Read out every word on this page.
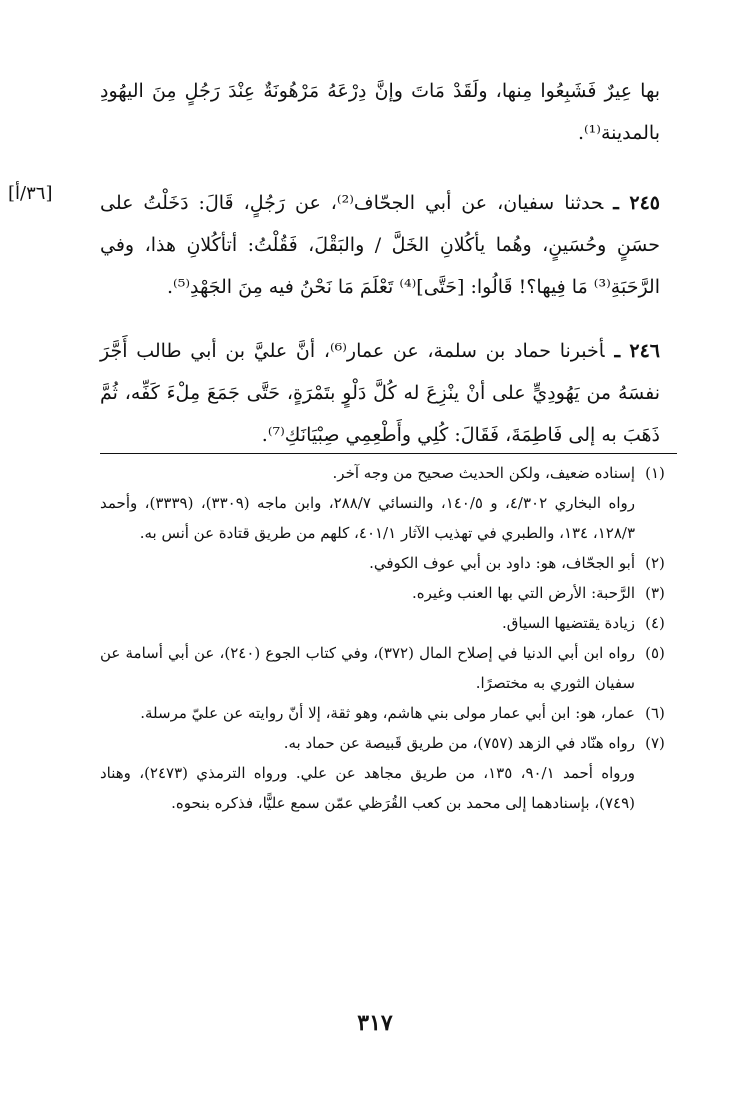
بها عِيرٌ فَشَبِعُوا مِنها، ولَقَدْ مَاتَ وإنَّ دِرْعَهُ مَرْهُونَةٌ عِنْدَ رَجُلٍ مِنَ اليهُودِ بالمدينة⁽¹⁾.

٢٤٥ ـحدثنا سفيان، عن أبي الجحّاف⁽²⁾، عن رَجُلٍ، قَالَ: دَخَلْتُ على حسَنٍ وحُسَينٍ، وهُما يأكُلانِ الخَلَّ / والبَقْلَ، فَقُلْتُ: أتأكُلانِ هذا، وفي الرَّحَبَةِ⁽³⁾ مَا فِيها؟! قَالُوا: [حَتَّى]⁽⁴⁾ تَعْلَمَ مَا نَحْنُ فيه مِنَ الجَهْدِ⁽⁵⁾.

٢٤٦ ـأخبرنا حماد بن سلمة، عن عمار⁽⁶⁾، أنَّ عليَّ بن أبي طالب أَجَّرَ نفسَهُ من يَهُودِيٍّ على أنْ ينْزِعَ له كُلَّ دَلْوٍ بتَمْرَةٍ، حَتَّى جَمَعَ مِلْءَ كَفِّه، ثُمَّ ذَهَبَ به إلى فَاطِمَةَ، فَقَالَ: كُلِي وأَطْعِمِي صِبْيَانَكِ⁽⁷⁾.

[٣٦/أ]
(١)
إسناده ضعيف، ولكن الحديث صحيح من وجه آخر.
رواه البخاري ٤/٣٠٢، و ١٤٠/٥، والنسائي ٢٨٨/٧، وابن ماجه (٣٣٠٩)، (٣٣٣٩)، وأحمد ١٢٨/٣، ١٣٤، والطبري في تهذيب الآثار ٤٠١/١، كلهم من طريق قتادة عن أنس به.
(٢)
أبو الجحّاف، هو: داود بن أبي عوف الكوفي.
(٣)
الرَّحبة: الأرض التي بها العنب وغيره.
(٤)
زيادة يقتضيها السياق.
(٥)
رواه ابن أبي الدنيا في إصلاح المال (٣٧٢)، وفي كتاب الجوع (٢٤٠)، عن أبي أسامة عن سفيان الثوري به مختصرًا.
(٦)
عمار، هو: ابن أبي عمار مولى بني هاشم، وهو ثقة، إلا أنّ روايته عن عليّ مرسلة.
(٧)
رواه هنّاد في الزهد (٧٥٧)، من طريق قَبيصة عن حماد به.
ورواه أحمد ٩٠/١، ١٣٥، من طريق مجاهد عن علي. ورواه الترمذي (٢٤٧٣)، وهناد (٧٤٩)، بإسنادهما إلى محمد بن كعب القُرَظي عمّن سمع عليًّا، فذكره بنحوه.
٣١٧
